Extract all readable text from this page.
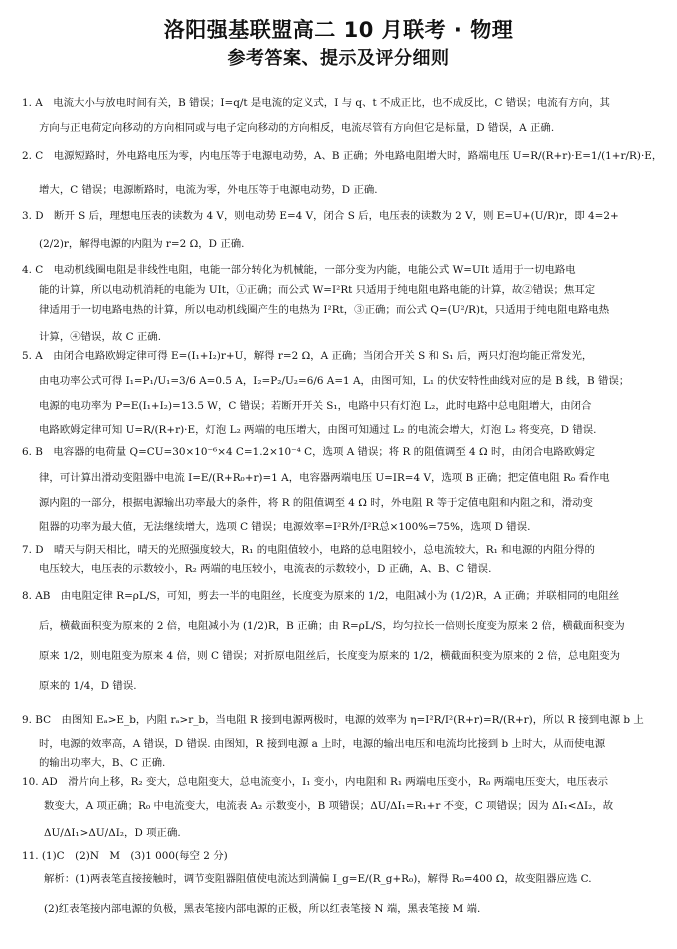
洛阳强基联盟高二 10 月联考 · 物理
参考答案、提示及评分细则
1. A　电流大小与放电时间有关，B 错误；I=q/t 是电流的定义式，I 与 q、t 不成正比，也不成反比，C 错误；电流有方向，其
方向与正电荷定向移动的方向相同或与电子定向移动的方向相反，电流尽管有方向但它是标量，D 错误，A 正确.
2. C　电源短路时，外电路电压为零，内电压等于电源电动势，A、B 正确；外电路电阻增大时，路端电压 U=R/(R+r)·E=1/(1+r/R)·E，
增大，C 错误；电源断路时，电流为零，外电压等于电源电动势，D 正确.
3. D　断开 S 后，理想电压表的读数为 4 V，则电动势 E=4 V，闭合 S 后，电压表的读数为 2 V，则 E=U+(U/R)r，即 4=2+
(2/2)r，解得电源的内阻为 r=2 Ω，D 正确.
4. C　电动机线圈电阻是非线性电阻，电能一部分转化为机械能，一部分变为内能，电能公式 W=UIt 适用于一切电路电
能的计算，所以电动机消耗的电能为 UIt，①正确；而公式 W=I²Rt 只适用于纯电阻电路电能的计算，故②错误；焦耳定
律适用于一切电路电热的计算，所以电动机线圈产生的电热为 I²Rt，③正确；而公式 Q=(U²/R)t，只适用于纯电阻电路电热
计算，④错误，故 C 正确.
5. A　由闭合电路欧姆定律可得 E=(I₁+I₂)r+U，解得 r=2 Ω，A 正确；当闭合开关 S 和 S₁ 后，两只灯泡均能正常发光，
由电功率公式可得 I₁=P₁/U₁=3/6 A=0.5 A，I₂=P₂/U₂=6/6 A=1 A，由图可知，L₁ 的伏安特性曲线对应的是 B 线，B 错误；
电源的电功率为 P=E(I₁+I₂)=13.5 W，C 错误；若断开开关 S₁，电路中只有灯泡 L₂，此时电路中总电阻增大，由闭合
电路欧姆定律可知 U=R/(R+r)·E，灯泡 L₂ 两端的电压增大，由图可知通过 L₂ 的电流会增大，灯泡 L₂ 将变亮，D 错误.
6. B　电容器的电荷量 Q=CU=30×10⁻⁶×4 C=1.2×10⁻⁴ C，选项 A 错误；将 R 的阻值调至 4 Ω 时，由闭合电路欧姆定
律，可计算出滑动变阻器中电流 I=E/(R+R₀+r)=1 A，电容器两端电压 U=IR=4 V，选项 B 正确；把定值电阻 R₀ 看作电
源内阻的一部分，根据电源输出功率最大的条件，将 R 的阻值调至 4 Ω 时，外电阻 R 等于定值电阻和内阻之和，滑动变
阻器的功率为最大值，无法继续增大，选项 C 错误；电源效率=I²R外/I²R总×100%=75%，选项 D 错误.
7. D　晴天与阴天相比，晴天的光照强度较大，R₁ 的电阻值较小，电路的总电阻较小，总电流较大，R₁ 和电源的内阻分得的
电压较大，电压表的示数较小，R₂ 两端的电压较小，电流表的示数较小，D 正确，A、B、C 错误.
8. AB　由电阻定律 R=ρL/S，可知，剪去一半的电阻丝，长度变为原来的 1/2，电阻减小为 (1/2)R，A 正确；并联相同的电阻丝
后，横截面积变为原来的 2 倍，电阻减小为 (1/2)R，B 正确；由 R=ρL/S，均匀拉长一倍则长度变为原来 2 倍，横截面积变为
原来 1/2，则电阻变为原来 4 倍，则 C 错误；对折原电阻丝后，长度变为原来的 1/2，横截面积变为原来的 2 倍，总电阻变为
原来的 1/4，D 错误.
9. BC　由图知 Eₐ>E_b，内阻 rₐ>r_b，当电阻 R 接到电源两极时，电源的效率为 η=I²R/I²(R+r)=R/(R+r)，所以 R 接到电源 b 上
时，电源的效率高，A 错误，D 错误. 由图知，R 接到电源 a 上时，电源的输出电压和电流均比接到 b 上时大，从而使电源
的输出功率大，B、C 正确.
10. AD　滑片向上移，R₂ 变大，总电阻变大，总电流变小，I₁ 变小，内电阻和 R₁ 两端电压变小，R₀ 两端电压变大，电压表示
数变大，A 项正确；R₀ 中电流变大，电流表 A₂ 示数变小，B 项错误；ΔU/ΔI₁=R₁+r 不变，C 项错误；因为 ΔI₁<ΔI₂，故
ΔU/ΔI₁>ΔU/ΔI₂，D 项正确.
11. (1)C　(2)N　M　(3)1 000(每空 2 分)
解析：(1)两表笔直接接触时，调节变阻器阻值使电流达到满偏 I_g=E/(R_g+R₀)，解得 R₀=400 Ω，故变阻器应选 C.
(2)红表笔接内部电源的负极，黑表笔接内部电源的正极，所以红表笔接 N 端，黑表笔接 M 端.
